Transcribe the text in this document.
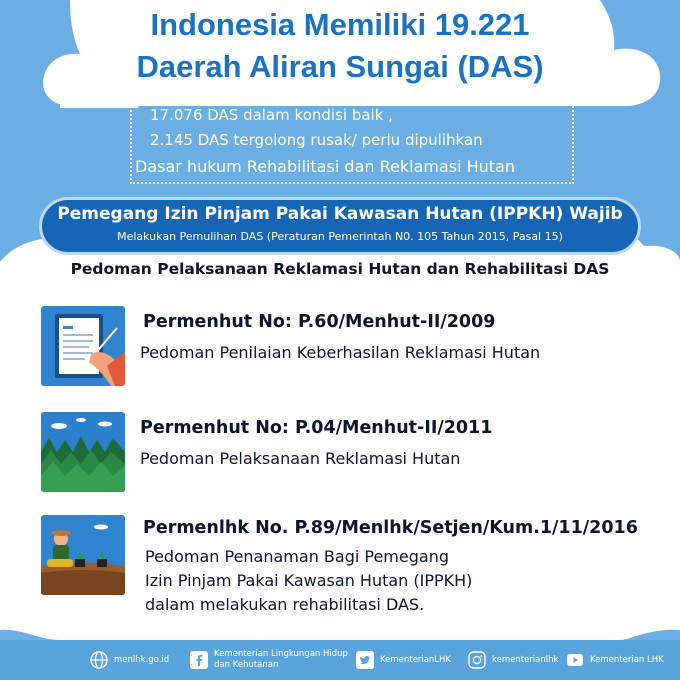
Indonesia Memiliki 19.221
Daerah Aliran Sungai (DAS)
17.076 DAS dalam kondisi baik ,
2.145 DAS tergolong rusak/ perlu dipulihkan
Dasar hukum Rehabilitasi dan Reklamasi Hutan
Pemegang Izin Pinjam Pakai Kawasan Hutan (IPPKH) Wajib
Melakukan Pemulihan DAS (Peraturan Pemerintah N0. 105 Tahun 2015, Pasal 15)
Pedoman Pelaksanaan Reklamasi Hutan dan Rehabilitasi DAS
Permenhut No: P.60/Menhut-II/2009
Pedoman Penilaian Keberhasilan Reklamasi Hutan
Permenhut No: P.04/Menhut-II/2011
Pedoman Pelaksanaan Reklamasi Hutan
Permenlhk No. P.89/Menlhk/Setjen/Kum.1/11/2016
Pedoman Penanaman Bagi Pemegang
Izin Pinjam Pakai Kawasan Hutan (IPPKH)
dalam melakukan rehabilitasi DAS.
menlhk.go.id
Kementerian Lingkungan Hidup
dan Kehutanan
KementerianLHK	kementerianlhk	Kementerian LHK
